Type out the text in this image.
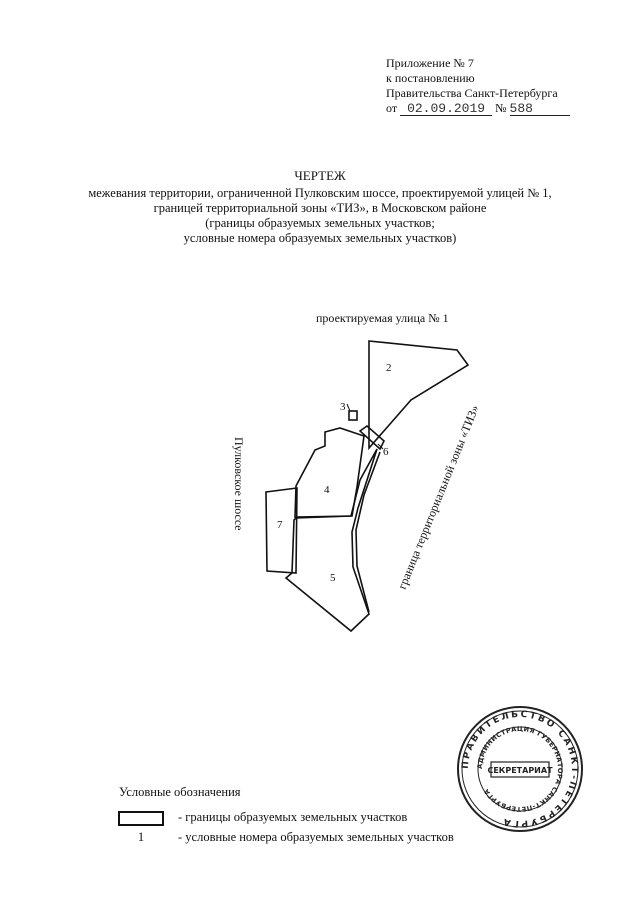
Приложение № 7
к постановлению
Правительства Санкт-Петербурга
от 02.09.2019 № 588
ЧЕРТЕЖ
межевания территории, ограниченной Пулковским шоссе, проектируемой улицей № 1,
границей территориальной зоны «ТИЗ», в Московском районе
(границы образуемых земельных участков;
условные номера образуемых земельных участков)
проектируемая улица № 1
Пулковское шоссе	граница территориальной зоны «ТИЗ»
2
3
4
5
6
7
ПРАВИТЕЛЬСТВО САНКТ-ПЕТЕРБУРГА
АДМИНИСТРАЦИЯ ГУБЕРНАТОРА САНКТ-ПЕТЕРБУРГА
СЕКРЕТАРИАТ
Условные обозначения
- границы образуемых земельных участков
1	- условные номера образуемых земельных участков
